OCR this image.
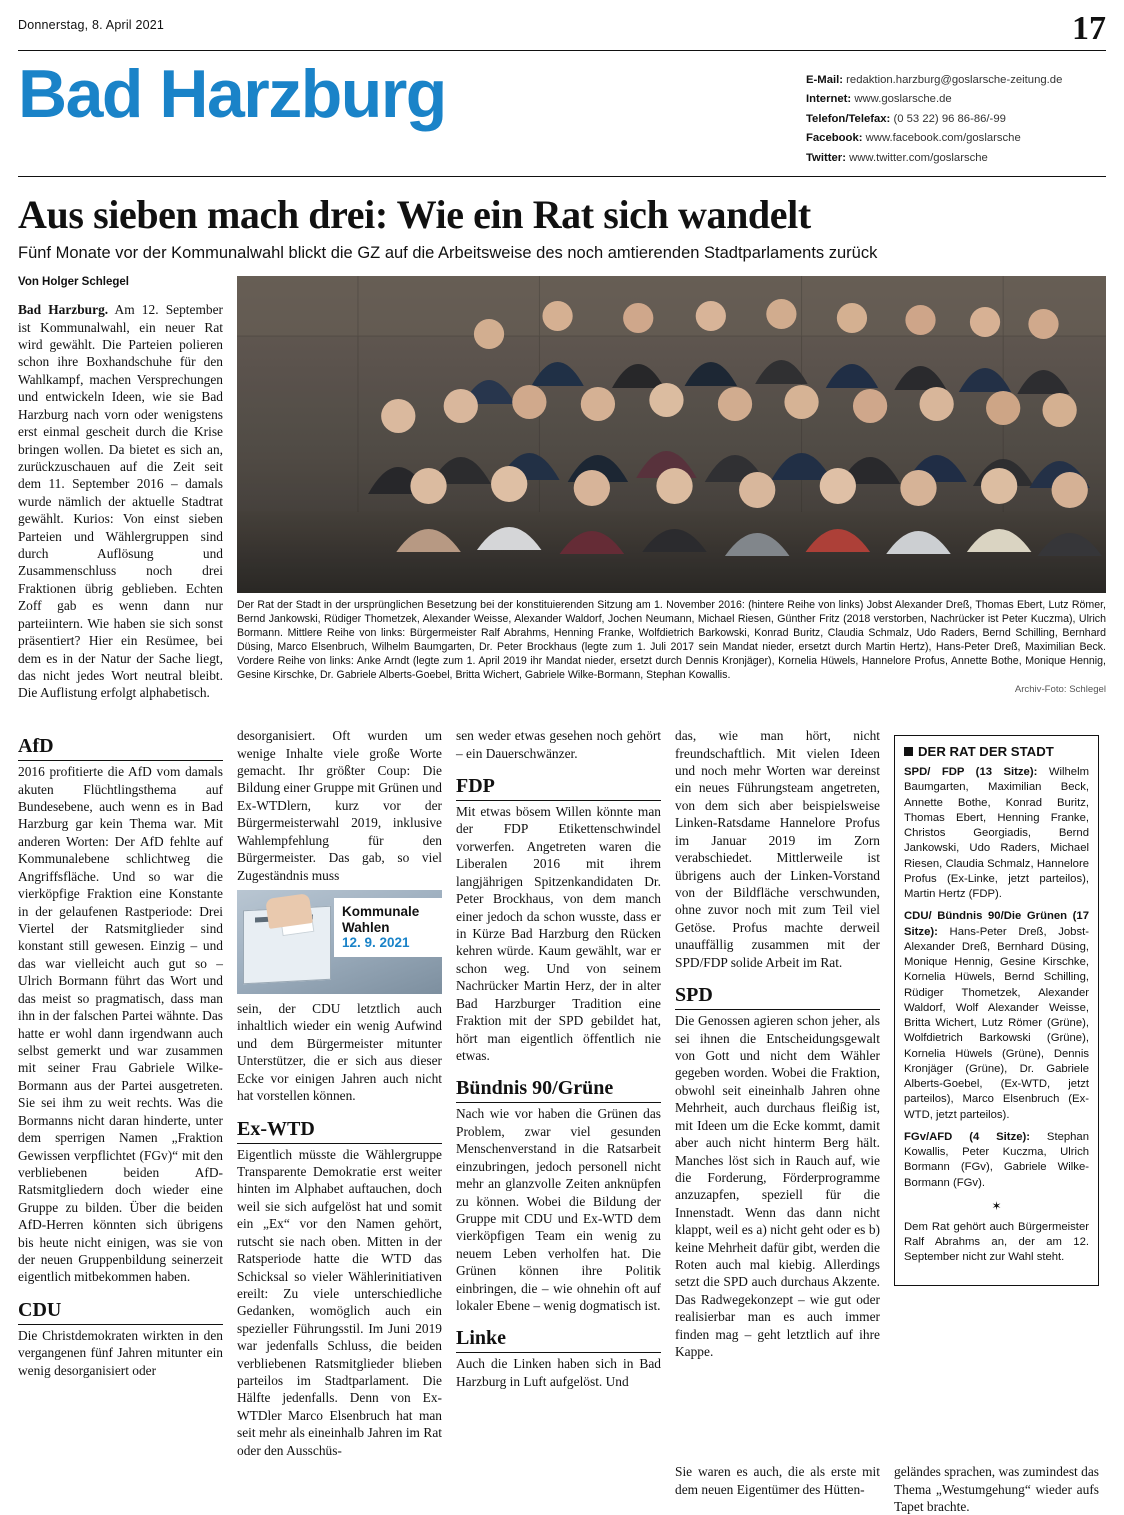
Donnerstag, 8. April 2021	17
Bad Harzburg	E-Mail: redaktion.harzburg@goslarsche-zeitung.de
Internet: www.goslarsche.de
Telefon/Telefax: (0 53 22) 96 86-86/-99
Facebook: www.facebook.com/goslarsche
Twitter: www.twitter.com/goslarsche
Aus sieben mach drei: Wie ein Rat sich wandelt
Fünf Monate vor der Kommunalwahl blickt die GZ auf die Arbeitsweise des noch amtierenden Stadtparlaments zurück
Von Holger Schlegel

Bad Harzburg. Am 12. September ist Kommunalwahl, ein neuer Rat wird gewählt. Die Parteien polieren schon ihre Boxhandschuhe für den Wahlkampf, machen Versprechungen und entwickeln Ideen, wie sie Bad Harzburg nach vorn oder wenigstens erst einmal gescheit durch die Krise bringen wollen. Da bietet es sich an, zurückzuschauen auf die Zeit seit dem 11. September 2016 – damals wurde nämlich der aktuelle Stadtrat gewählt. Kurios: Von einst sieben Parteien und Wählergruppen sind durch Auflösung und Zusammenschluss noch drei Fraktionen übrig geblieben. Echten Zoff gab es wenn dann nur parteiintern. Wie haben sie sich sonst präsentiert? Hier ein Resümee, bei dem es in der Natur der Sache liegt, das nicht jedes Wort neutral bleibt. Die Auflistung erfolgt alphabetisch.

Der Rat der Stadt in der ursprünglichen Besetzung bei der konstituierenden Sitzung am 1. November 2016: (hintere Reihe von links) Jobst Alexander Dreß, Thomas Ebert, Lutz Römer, Bernd Jankowski, Rüdiger Thometzek, Alexander Weisse, Alexander Waldorf, Jochen Neumann, Michael Riesen, Günther Fritz (2018 verstorben, Nachrücker ist Peter Kuczma), Ulrich Bormann. Mittlere Reihe von links: Bürgermeister Ralf Abrahms, Henning Franke, Wolfdietrich Barkowski, Konrad Buritz, Claudia Schmalz, Udo Raders, Bernd Schilling, Bernhard Düsing, Marco Elsenbruch, Wilhelm Baumgarten, Dr. Peter Brockhaus (legte zum 1. Juli 2017 sein Mandat nieder, ersetzt durch Martin Hertz), Hans-Peter Dreß, Maximilian Beck. Vordere Reihe von links: Anke Arndt (legte zum 1. April 2019 ihr Mandat nieder, ersetzt durch Dennis Kronjäger), Kornelia Hüwels, Hannelore Profus, Annette Bothe, Monique Hennig, Gesine Kirschke, Dr. Gabriele Alberts-Goebel, Britta Wichert, Gabriele Wilke-Bormann, Stephan Kowallis.
Archiv-Foto: Schlegel
AfD

2016 profitierte die AfD vom damals akuten Flüchtlingsthema auf Bundesebene, auch wenn es in Bad Harzburg gar kein Thema war. Mit anderen Worten: Der AfD fehlte auf Kommunalebene schlichtweg die Angriffsfläche. Und so war die vierköpfige Fraktion eine Konstante in der gelaufenen Rastperiode: Drei Viertel der Ratsmitglieder sind konstant still gewesen. Einzig – und das war vielleicht auch gut so – Ulrich Bormann führt das Wort und das meist so pragmatisch, dass man ihn in der falschen Partei wähnte. Das hatte er wohl dann irgendwann auch selbst gemerkt und war zusammen mit seiner Frau Gabriele Wilke-Bormann aus der Partei ausgetreten. Sie sei ihm zu weit rechts. Was die Bormanns nicht daran hinderte, unter dem sperrigen Namen „Fraktion Gewissen verpflichtet (FGv)“ mit den verbliebenen beiden AfD-Ratsmitgliedern doch wieder eine Gruppe zu bilden. Über die beiden AfD-Herren könnten sich übrigens bis heute nicht einigen, was sie von der neuen Gruppenbildung seinerzeit eigentlich mitbekommen haben.

CDU

Die Christdemokraten wirkten in den vergangenen fünf Jahren mitunter ein wenig desorganisiert oder

desorganisiert. Oft wurden um wenige Inhalte viele große Worte gemacht. Ihr größter Coup: Die Bildung einer Gruppe mit Grünen und Ex-WTDlern, kurz vor der Bürgermeisterwahl 2019, inklusive Wahlempfehlung für den Bürgermeister. Das gab, so viel Zugeständnis muss

Kommunale
Wahlen
12. 9. 2021

sein, der CDU letztlich auch inhaltlich wieder ein wenig Aufwind und dem Bürgermeister mitunter Unterstützer, die er sich aus dieser Ecke vor einigen Jahren auch nicht hat vorstellen können.

Ex-WTD

Eigentlich müsste die Wählergruppe Transparente Demokratie erst weiter hinten im Alphabet auftauchen, doch weil sie sich aufgelöst hat und somit ein „Ex“ vor den Namen gehört, rutscht sie nach oben. Mitten in der Ratsperiode hatte die WTD das Schicksal so vieler Wählerinitiativen ereilt: Zu viele unterschiedliche Gedanken, womöglich auch ein spezieller Führungsstil. Im Juni 2019 war jedenfalls Schluss, die beiden verbliebenen Ratsmitglieder blieben parteilos im Stadtparlament. Die Hälfte jedenfalls. Denn von Ex-WTDler Marco Elsenbruch hat man seit mehr als eineinhalb Jahren im Rat oder den Ausschüs-

sen weder etwas gesehen noch gehört – ein Dauerschwänzer.

FDP

Mit etwas bösem Willen könnte man der FDP Etikettenschwindel vorwerfen. Angetreten waren die Liberalen 2016 mit ihrem langjährigen Spitzenkandidaten Dr. Peter Brockhaus, von dem manch einer jedoch da schon wusste, dass er in Kürze Bad Harzburg den Rücken kehren würde. Kaum gewählt, war er schon weg. Und von seinem Nachrücker Martin Herz, der in alter Bad Harzburger Tradition eine Fraktion mit der SPD gebildet hat, hört man eigentlich öffentlich nie etwas.

Bündnis 90/Grüne

Nach wie vor haben die Grünen das Problem, zwar viel gesunden Menschenverstand in die Ratsarbeit einzubringen, jedoch personell nicht mehr an glanzvolle Zeiten anknüpfen zu können. Wobei die Bildung der Gruppe mit CDU und Ex-WTD dem vierköpfigen Team ein wenig zu neuem Leben verholfen hat. Die Grünen können ihre Politik einbringen, die – wie ohnehin oft auf lokaler Ebene – wenig dogmatisch ist.

Linke

Auch die Linken haben sich in Bad Harzburg in Luft aufgelöst. Und

das, wie man hört, nicht freundschaftlich. Mit vielen Ideen und noch mehr Worten war dereinst ein neues Führungsteam angetreten, von dem sich aber beispielsweise Linken-Ratsdame Hannelore Profus im Januar 2019 im Zorn verabschiedet. Mittlerweile ist übrigens auch der Linken-Vorstand von der Bildfläche verschwunden, ohne zuvor noch mit zum Teil viel Getöse. Profus machte derweil unauffällig zusammen mit der SPD/FDP solide Arbeit im Rat.

SPD

Die Genossen agieren schon jeher, als sei ihnen die Entscheidungsgewalt von Gott und nicht dem Wähler gegeben worden. Wobei die Fraktion, obwohl seit eineinhalb Jahren ohne Mehrheit, auch durchaus fleißig ist, mit Ideen um die Ecke kommt, damit aber auch nicht hinterm Berg hält. Manches löst sich in Rauch auf, wie die Forderung, Förderprogramme anzuzapfen, speziell für die Innenstadt. Wenn das dann nicht klappt, weil es a) nicht geht oder es b) keine Mehrheit dafür gibt, werden die Roten auch mal kiebig. Allerdings setzt die SPD auch durchaus Akzente. Das Radwegekonzept – wie gut oder realisierbar man es auch immer finden mag – geht letztlich auf ihre Kappe.

DER RAT DER STADT

SPD/ FDP (13 Sitze): Wilhelm Baumgarten, Maximilian Beck, Annette Bothe, Konrad Buritz, Thomas Ebert, Henning Franke, Christos Georgiadis, Bernd Jankowski, Udo Raders, Michael Riesen, Claudia Schmalz, Hannelore Profus (Ex-Linke, jetzt parteilos), Martin Hertz (FDP).

CDU/ Bündnis 90/Die Grünen (17 Sitze): Hans-Peter Dreß, Jobst-Alexander Dreß, Bernhard Düsing, Monique Hennig, Gesine Kirschke, Kornelia Hüwels, Bernd Schilling, Rüdiger Thometzek, Alexander Waldorf, Wolf Alexander Weisse, Britta Wichert, Lutz Römer (Grüne), Wolfdietrich Barkowski (Grüne), Kornelia Hüwels (Grüne), Dennis Kronjäger (Grüne), Dr. Gabriele Alberts-Goebel, (Ex-WTD, jetzt parteilos), Marco Elsenbruch (Ex-WTD, jetzt parteilos).

FGv/AFD (4 Sitze): Stephan Kowallis, Peter Kuczma, Ulrich Bormann (FGv), Gabriele Wilke-Bormann (FGv).

✶

Dem Rat gehört auch Bürgermeister Ralf Abrahms an, der am 12. September nicht zur Wahl steht.

Sie waren es auch, die als erste mit dem neuen Eigentümer des Hütten-

geländes sprachen, was zumindest das Thema „Westumgehung“ wieder aufs Tapet brachte.
